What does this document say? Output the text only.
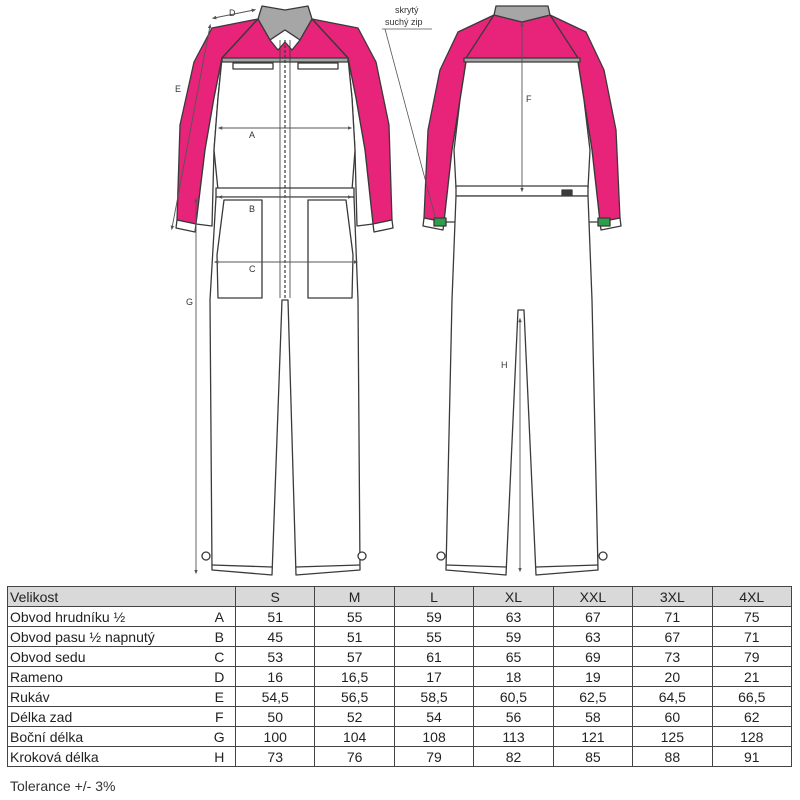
A
B
C
D
E
G
F
H
skrytý
suchý zip
Velikost		S	M	L	XL	XXL	3XL	4XL
Obvod hrudníku ½	A	51	55	59	63	67	71	75
Obvod pasu ½ napnutý	B	45	51	55	59	63	67	71
Obvod sedu	C	53	57	61	65	69	73	79
Rameno	D	16	16,5	17	18	19	20	21
Rukáv	E	54,5	56,5	58,5	60,5	62,5	64,5	66,5
Délka zad	F	50	52	54	56	58	60	62
Boční délka	G	100	104	108	113	121	125	128
Kroková délka	H	73	76	79	82	85	88	91
Tolerance +/- 3%
